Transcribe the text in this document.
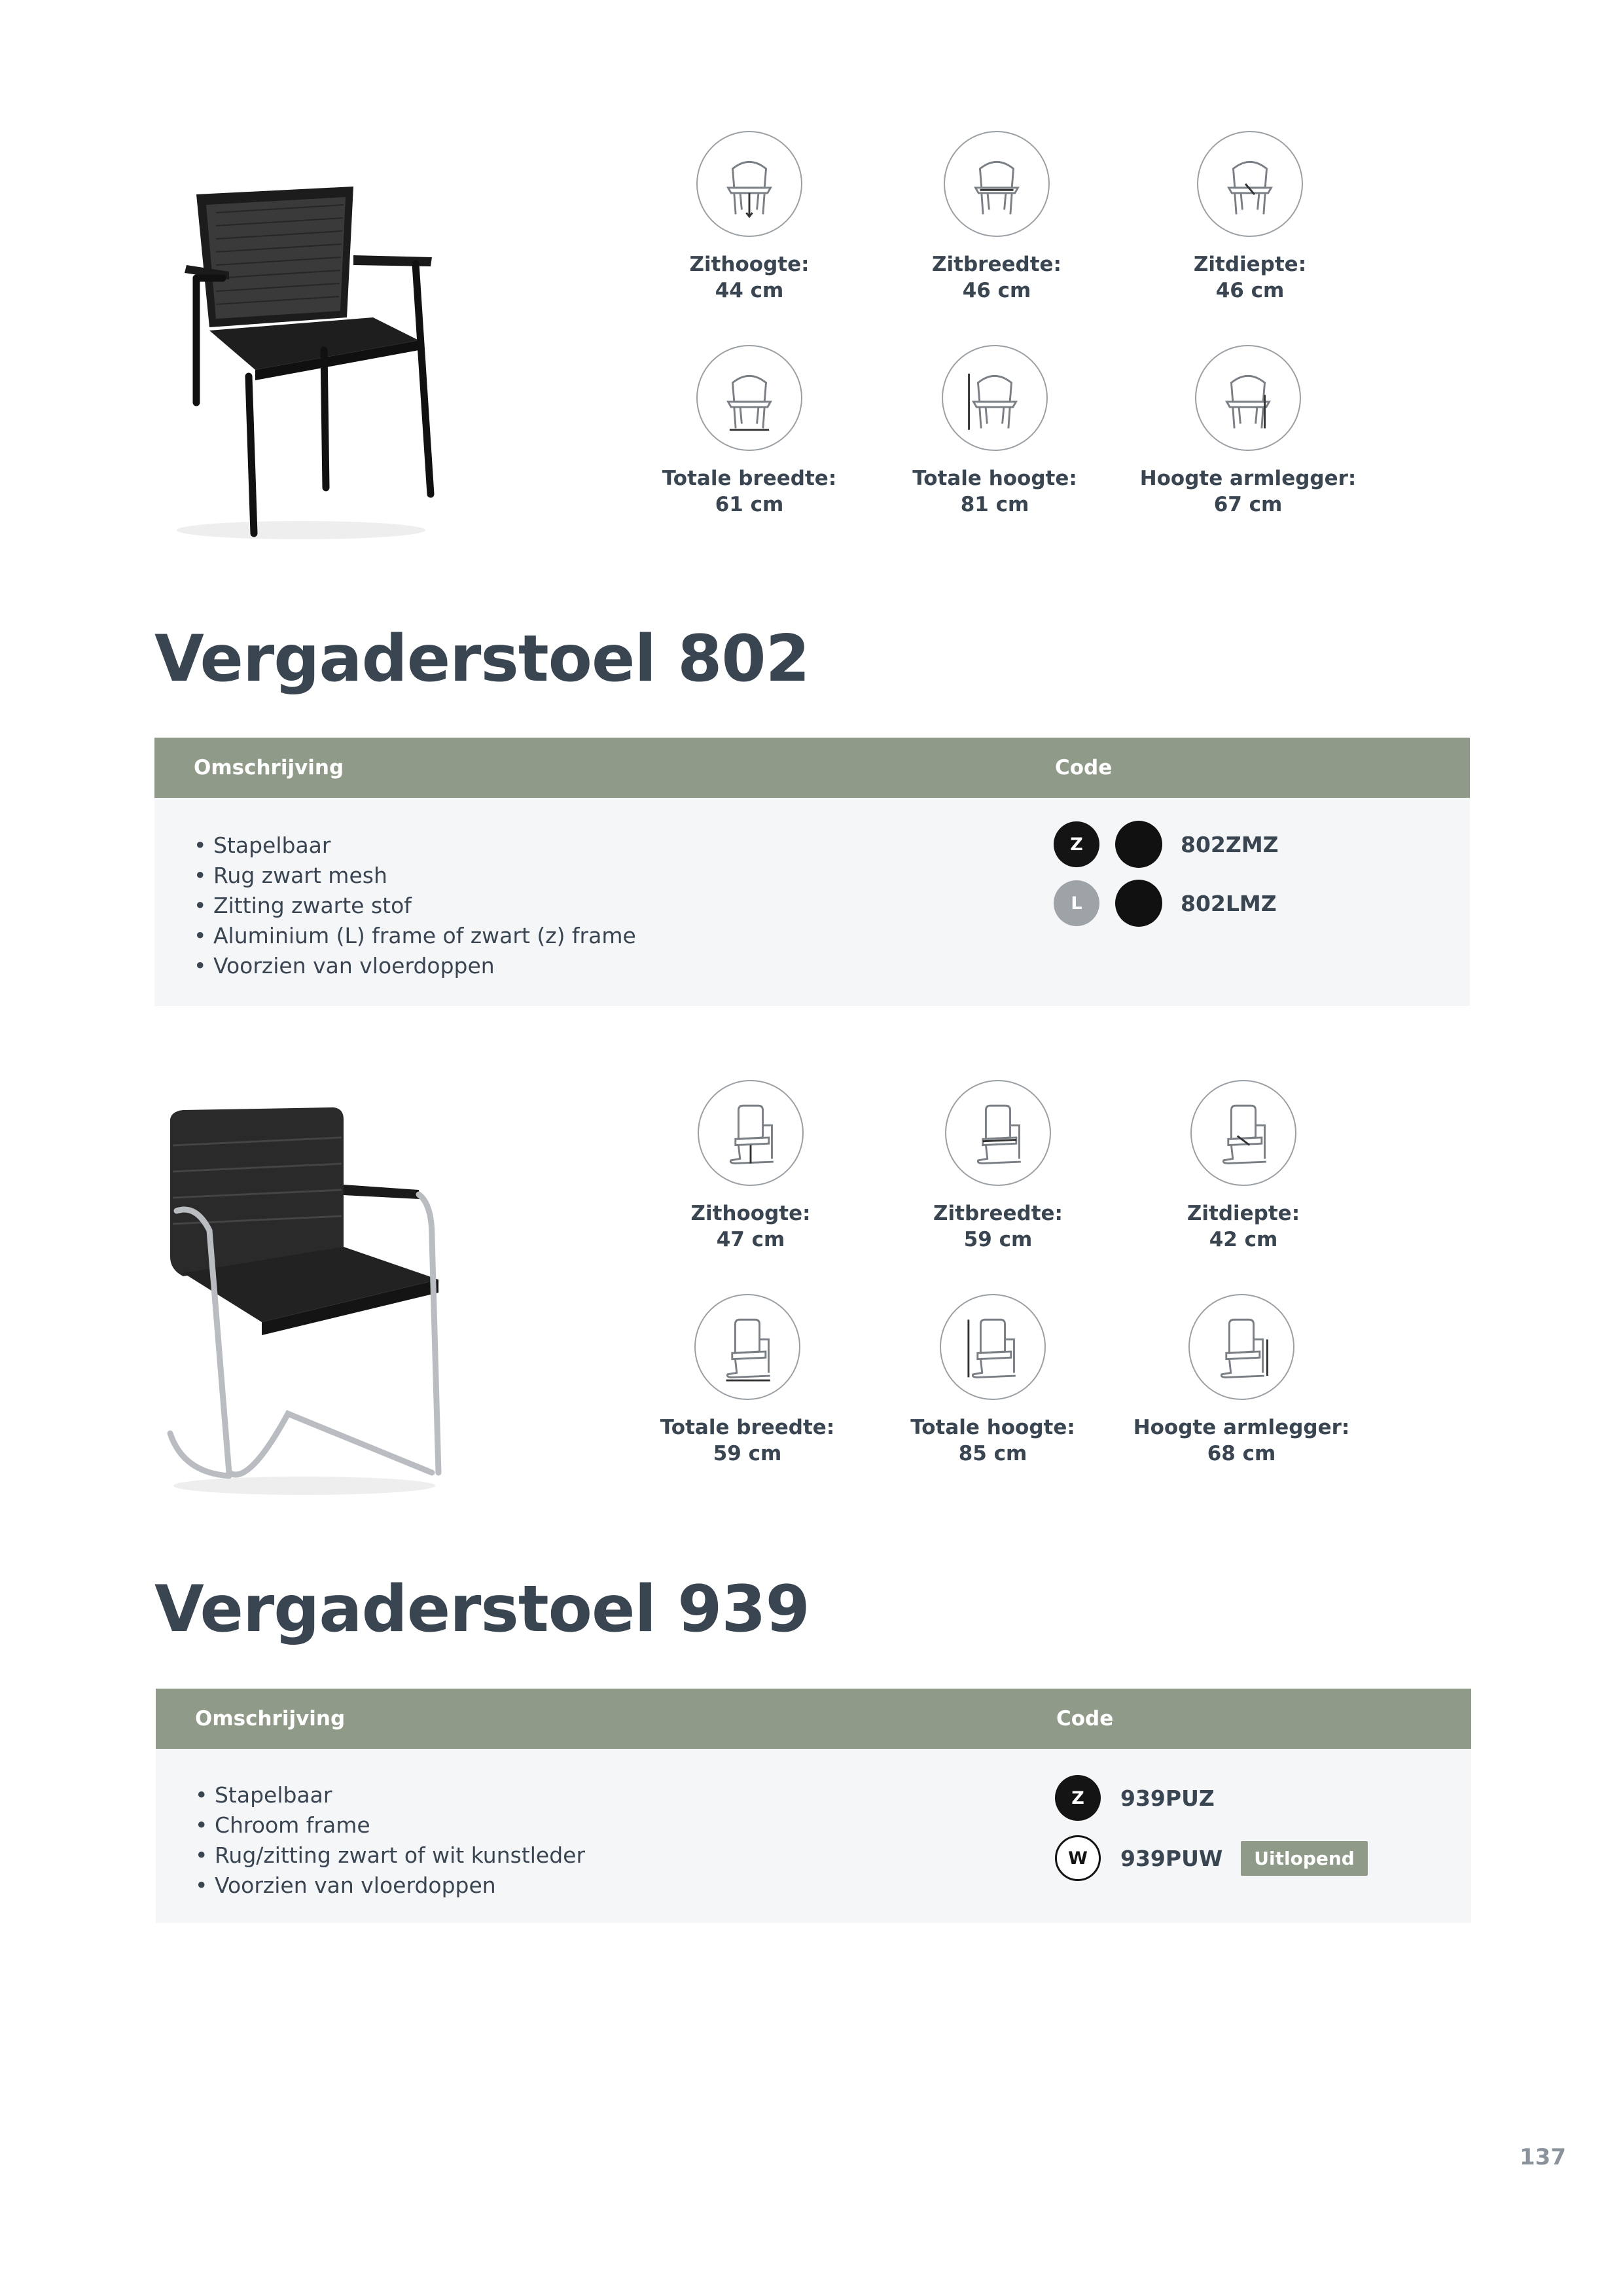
Zithoogte:
44 cm
Zitbreedte:
46 cm
Zitdiepte:
46 cm
Totale breedte:
61 cm
Totale hoogte:
81 cm
Hoogte armlegger:
67 cm
Vergaderstoel 802
Omschrijving	Code
• Stapelbaar
• Rug zwart mesh
• Zitting zwarte stof
• Aluminium (L) frame of zwart (z) frame
• Voorzien van vloerdoppen
Z	802ZMZ
L	802LMZ
Zithoogte:
47 cm
Zitbreedte:
59 cm
Zitdiepte:
42 cm
Totale breedte:
59 cm
Totale hoogte:
85 cm
Hoogte armlegger:
68 cm
Vergaderstoel 939
Omschrijving	Code
• Stapelbaar
• Chroom frame
• Rug/zitting zwart of wit kunstleder
• Voorzien van vloerdoppen
Z	939PUZ
W	939PUW	Uitlopend
137
